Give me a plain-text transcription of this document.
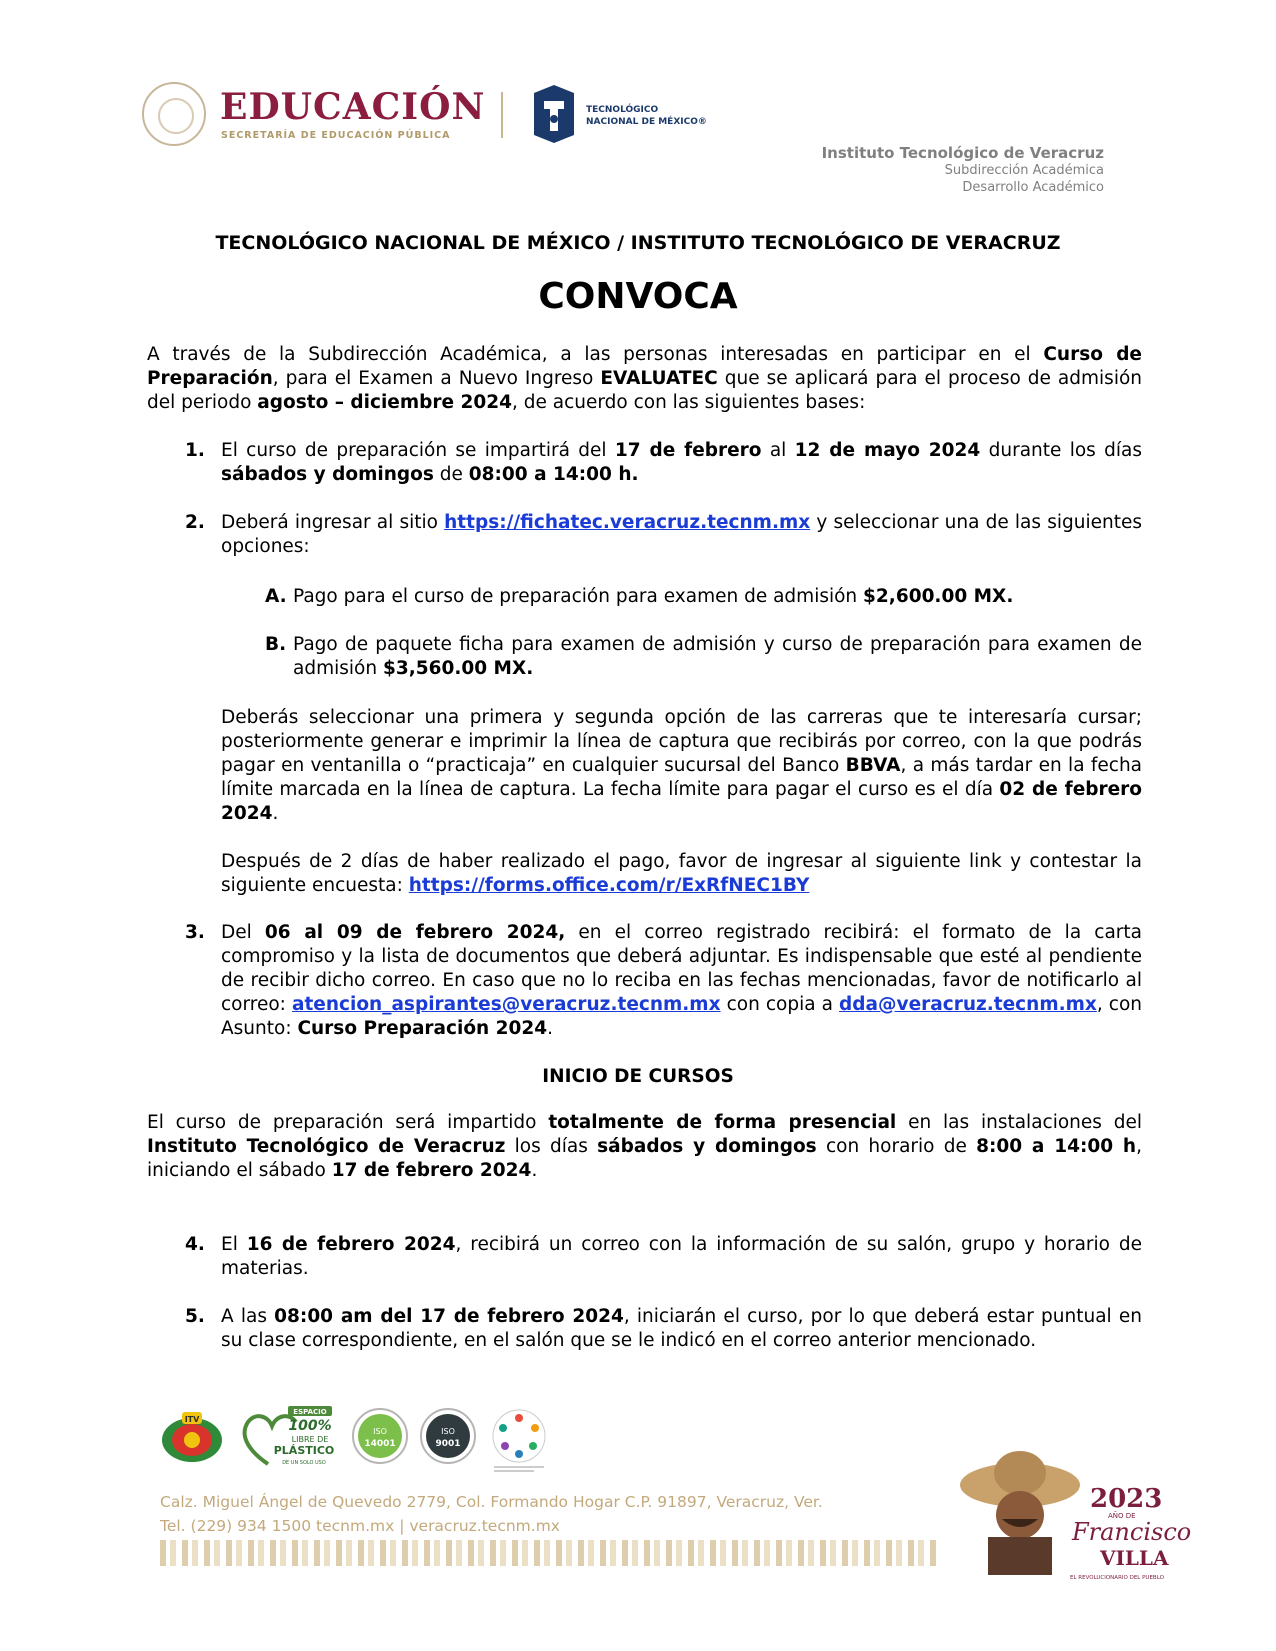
EDUCACIÓN
SECRETARÍA DE EDUCACIÓN PÚBLICA
TECNOLÓGICO
NACIONAL DE MÉXICO®
Instituto Tecnológico de Veracruz
Subdirección Académica
Desarrollo Académico
TECNOLÓGICO NACIONAL DE MÉXICO / INSTITUTO TECNOLÓGICO DE VERACRUZ
CONVOCA

A través de la Subdirección Académica, a las personas interesadas en participar en el Curso de Preparación, para el Examen a Nuevo Ingreso EVALUATEC que se aplicará para el proceso de admisión del periodo agosto – diciembre 2024, de acuerdo con las siguientes bases:

1. El curso de preparación se impartirá del 17 de febrero al 12 de mayo 2024 durante los días sábados y domingos de 08:00 a 14:00 h.

2. Deberá ingresar al sitio https://fichatec.veracruz.tecnm.mx y seleccionar una de las siguientes opciones:

A. Pago para el curso de preparación para examen de admisión $2,600.00 MX.

B. Pago de paquete ficha para examen de admisión y curso de preparación para examen de admisión $3,560.00 MX.

Deberás seleccionar una primera y segunda opción de las carreras que te interesaría cursar; posteriormente generar e imprimir la línea de captura que recibirás por correo, con la que podrás pagar en ventanilla o “practicaja” en cualquier sucursal del Banco BBVA, a más tardar en la fecha límite marcada en la línea de captura. La fecha límite para pagar el curso es el día 02 de febrero 2024.

Después de 2 días de haber realizado el pago, favor de ingresar al siguiente link y contestar la siguiente encuesta: https://forms.office.com/r/ExRfNEC1BY

3. Del 06 al 09 de febrero 2024, en el correo registrado recibirá: el formato de la carta compromiso y la lista de documentos que deberá adjuntar. Es indispensable que esté al pendiente de recibir dicho correo. En caso que no lo reciba en las fechas mencionadas, favor de notificarlo al correo: atencion_aspirantes@veracruz.tecnm.mx con copia a dda@veracruz.tecnm.mx, con Asunto: Curso Preparación 2024.

INICIO DE CURSOS

El curso de preparación será impartido totalmente de forma presencial en las instalaciones del Instituto Tecnológico de Veracruz los días sábados y domingos con horario de 8:00 a 14:00 h, iniciando el sábado 17 de febrero 2024.

4. El 16 de febrero 2024, recibirá un correo con la información de su salón, grupo y horario de materias.

5. A las 08:00 am del 17 de febrero 2024, iniciarán el curso, por lo que deberá estar puntual en su clase correspondiente, en el salón que se le indicó en el correo anterior mencionado.

ITV
ESPACIO
100%
LIBRE DE
PLÁSTICO
DE UN SOLO USO
ISO
14001
ISO
9001
Calz. Miguel Ángel de Quevedo 2779, Col. Formando Hogar C.P. 91897, Veracruz, Ver.
Tel. (229) 934 1500 tecnm.mx | veracruz.tecnm.mx
2023
AÑO DE
Francisco
VILLA
EL REVOLUCIONARIO DEL PUEBLO
